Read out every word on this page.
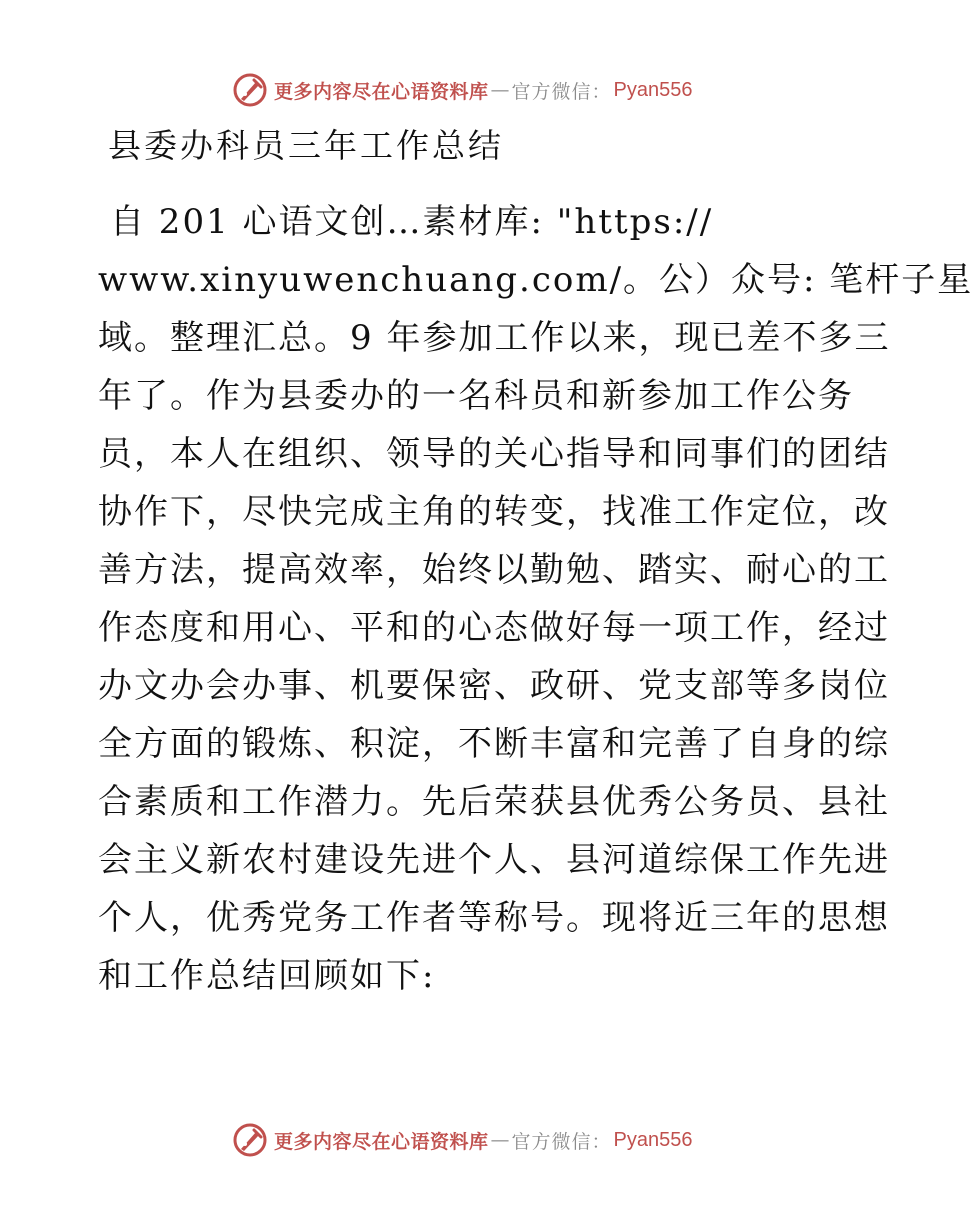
更多内容尽在心语资料库 — 官方微信： Pyan556
县委办科员三年工作总结
自 201 心语文创…素材库: "https://
www.xinyuwenchuang.com/。公）众号: 笔杆子星
域。整理汇总。9 年参加工作以来，现已差不多三
年了。作为县委办的一名科员和新参加工作公务
员，本人在组织、领导的关心指导和同事们的团结
协作下，尽快完成主角的转变，找准工作定位，改
善方法，提高效率，始终以勤勉、踏实、耐心的工
作态度和用心、平和的心态做好每一项工作，经过
办文办会办事、机要保密、政研、党支部等多岗位
全方面的锻炼、积淀，不断丰富和完善了自身的综
合素质和工作潜力。先后荣获县优秀公务员、县社
会主义新农村建设先进个人、县河道综保工作先进
个人，优秀党务工作者等称号。现将近三年的思想
和工作总结回顾如下:
更多内容尽在心语资料库 — 官方微信： Pyan556
